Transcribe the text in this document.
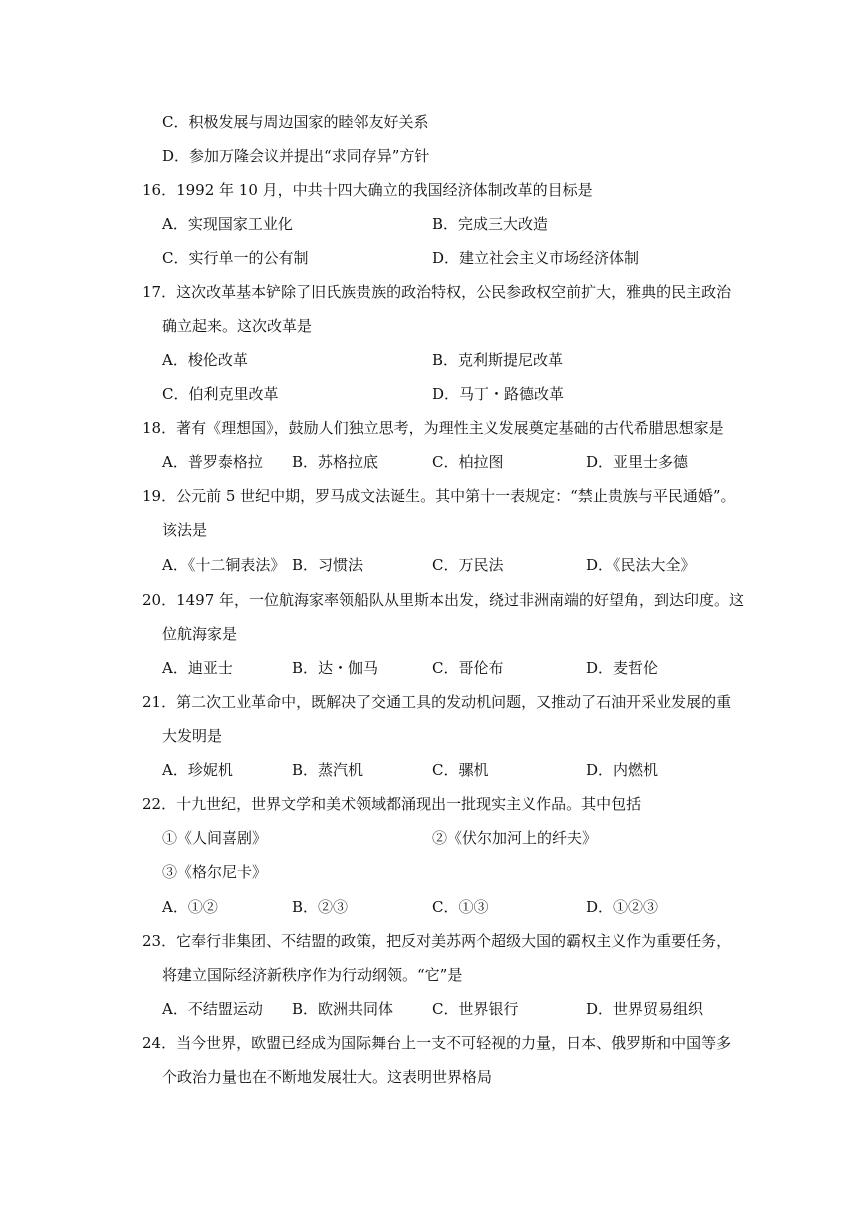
C．积极发展与周边国家的睦邻友好关系
D．参加万隆会议并提出“求同存异”方针
16．1992 年 10 月，中共十四大确立的我国经济体制改革的目标是
A．实现国家工业化	B．完成三大改造
C．实行单一的公有制	D．建立社会主义市场经济体制
17．这次改革基本铲除了旧氏族贵族的政治特权，公民参政权空前扩大，雅典的民主政治
确立起来。这次改革是
A．梭伦改革	B．克利斯提尼改革
C．伯利克里改革	D．马丁・路德改革
18．著有《理想国》，鼓励人们独立思考，为理性主义发展奠定基础的古代希腊思想家是
A．普罗泰格拉 B．苏格拉底	C．柏拉图	D．亚里士多德
19．公元前 5 世纪中期，罗马成文法诞生。其中第十一表规定：“禁止贵族与平民通婚”。
该法是
A．《十二铜表法》 B．习惯法	C．万民法	D．《民法大全》
20．1497 年，一位航海家率领船队从里斯本出发，绕过非洲南端的好望角，到达印度。这
位航海家是
A．迪亚士	B．达・伽马	C．哥伦布	D．麦哲伦
21．第二次工业革命中，既解决了交通工具的发动机问题，又推动了石油开采业发展的重
大发明是
A．珍妮机	B．蒸汽机	C．骡机	D．内燃机
22．十九世纪，世界文学和美术领域都涌现出一批现实主义作品。其中包括
①《人间喜剧》	②《伏尔加河上的纤夫》
③《格尔尼卡》
A．①②	B．②③	C．①③	D．①②③
23．它奉行非集团、不结盟的政策，把反对美苏两个超级大国的霸权主义作为重要任务，
将建立国际经济新秩序作为行动纲领。“它”是
A．不结盟运动 B．欧洲共同体	C．世界银行	D．世界贸易组织
24．当今世界，欧盟已经成为国际舞台上一支不可轻视的力量，日本、俄罗斯和中国等多
个政治力量也在不断地发展壮大。这表明世界格局
